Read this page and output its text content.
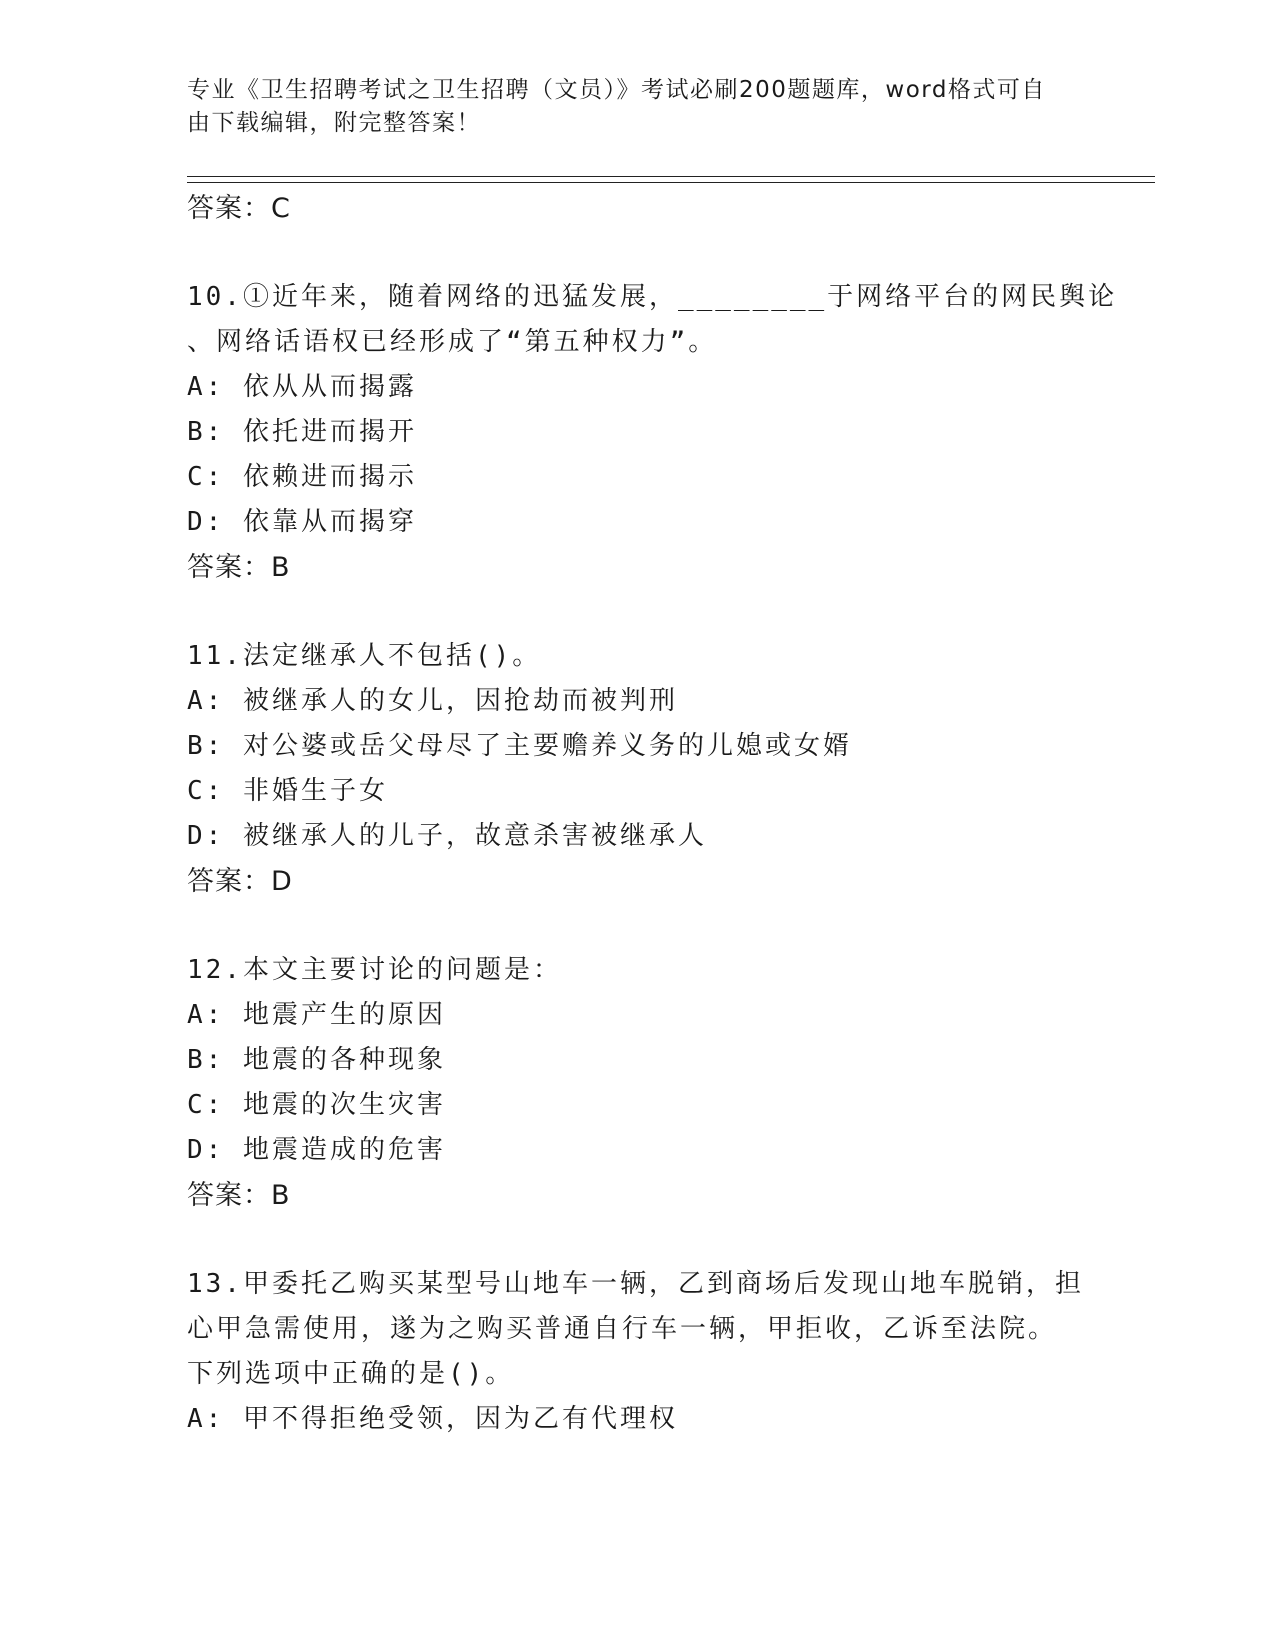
专业《卫生招聘考试之卫生招聘（文员）》考试必刷200题题库，word格式可自由下载编辑，附完整答案！
答案：C
10.①近年来，随着网络的迅猛发展，________于网络平台的网民舆论
、网络话语权已经形成了“第五种权力”。
A: 依从从而揭露
B: 依托进而揭开
C: 依赖进而揭示
D: 依靠从而揭穿
答案：B
11.法定继承人不包括()。
A: 被继承人的女儿，因抢劫而被判刑
B: 对公婆或岳父母尽了主要赡养义务的儿媳或女婿
C: 非婚生子女
D: 被继承人的儿子，故意杀害被继承人
答案：D
12.本文主要讨论的问题是：
A: 地震产生的原因
B: 地震的各种现象
C: 地震的次生灾害
D: 地震造成的危害
答案：B
13.甲委托乙购买某型号山地车一辆，乙到商场后发现山地车脱销，担
心甲急需使用，遂为之购买普通自行车一辆，甲拒收，乙诉至法院。
下列选项中正确的是()。
A: 甲不得拒绝受领，因为乙有代理权
